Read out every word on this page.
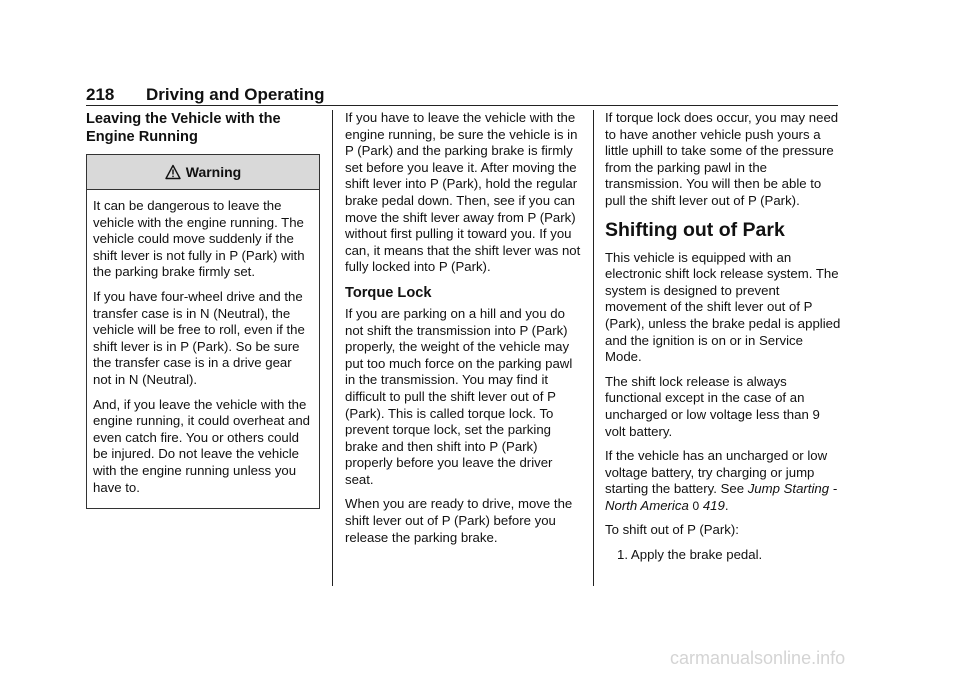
218 Driving and Operating
Leaving the Vehicle with the
Engine Running
Warning

It can be dangerous to leave the vehicle with the engine running. The vehicle could move suddenly if the shift lever is not fully in P (Park) with the parking brake firmly set.

If you have four-wheel drive and the transfer case is in N (Neutral), the vehicle will be free to roll, even if the shift lever is in P (Park). So be sure the transfer case is in a drive gear not in N (Neutral).

And, if you leave the vehicle with the engine running, it could overheat and even catch fire. You or others could be injured. Do not leave the vehicle with the engine running unless you have to.

If you have to leave the vehicle with the engine running, be sure the vehicle is in P (Park) and the parking brake is firmly set before you leave it. After moving the shift lever into P (Park), hold the regular brake pedal down. Then, see if you can move the shift lever away from P (Park) without first pulling it toward you. If you can, it means that the shift lever was not fully locked into P (Park).

Torque Lock

If you are parking on a hill and you do not shift the transmission into P (Park) properly, the weight of the vehicle may put too much force on the parking pawl in the transmission. You may find it difficult to pull the shift lever out of P (Park). This is called torque lock. To prevent torque lock, set the parking brake and then shift into P (Park) properly before you leave the driver seat.

When you are ready to drive, move the shift lever out of P (Park) before you release the parking brake.

If torque lock does occur, you may need to have another vehicle push yours a little uphill to take some of the pressure from the parking pawl in the transmission. You will then be able to pull the shift lever out of P (Park).

Shifting out of Park

This vehicle is equipped with an electronic shift lock release system. The system is designed to prevent movement of the shift lever out of P (Park), unless the brake pedal is applied and the ignition is on or in Service Mode.

The shift lock release is always functional except in the case of an uncharged or low voltage less than 9 volt battery.

If the vehicle has an uncharged or low voltage battery, try charging or jump starting the battery. See Jump Starting - North America 0 419.

To shift out of P (Park):

1. Apply the brake pedal.
carmanualsonline.info
